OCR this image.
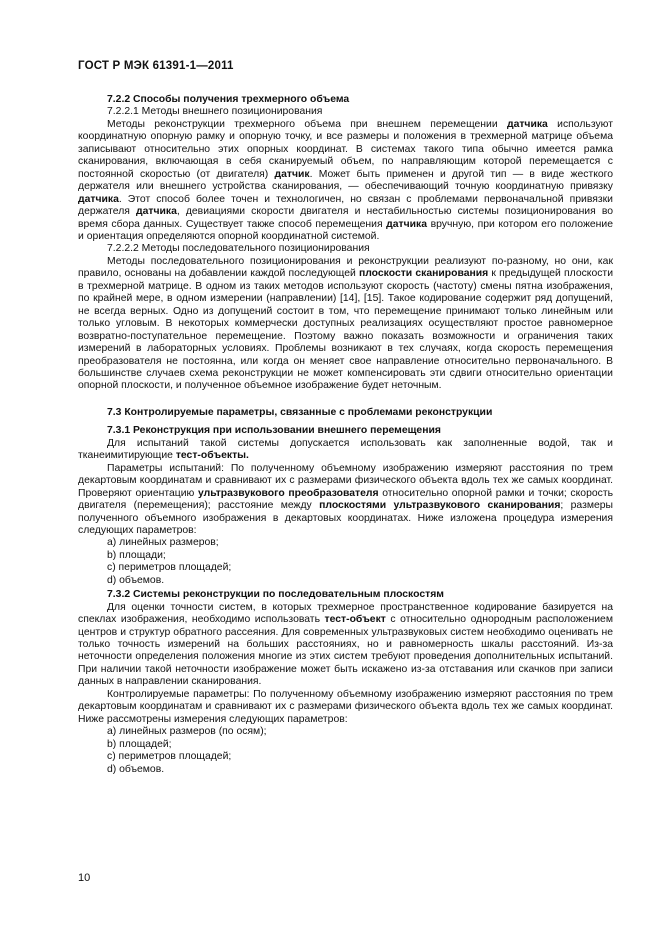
ГОСТ Р МЭК 61391-1—2011

7.2.2 Способы получения трехмерного объема

7.2.2.1 Методы внешнего позиционирования

Методы реконструкции трехмерного объема при внешнем перемещении датчика используют координатную опорную рамку и опорную точку, и все размеры и положения в трехмерной матрице объема записывают относительно этих опорных координат. В системах такого типа обычно имеется рамка сканирования, включающая в себя сканируемый объем, по направляющим которой перемещается с постоянной скоростью (от двигателя) датчик. Может быть применен и другой тип — в виде жесткого держателя или внешнего устройства сканирования, — обеспечивающий точную координатную привязку датчика. Этот способ более точен и технологичен, но связан с проблемами первоначальной привязки держателя датчика, девиациями скорости двигателя и нестабильностью системы позиционирования во время сбора данных. Существует также способ перемещения датчика вручную, при котором его положение и ориентация определяются опорной координатной системой.

7.2.2.2 Методы последовательного позиционирования

Методы последовательного позиционирования и реконструкции реализуют по-разному, но они, как правило, основаны на добавлении каждой последующей плоскости сканирования к предыдущей плоскости в трехмерной матрице. В одном из таких методов используют скорость (частоту) смены пятна изображения, по крайней мере, в одном измерении (направлении) [14], [15]. Такое кодирование содержит ряд допущений, не всегда верных. Одно из допущений состоит в том, что перемещение принимают только линейным или только угловым. В некоторых коммерчески доступных реализациях осуществляют простое равномерное возвратно-поступательное перемещение. Поэтому важно показать возможности и ограничения таких измерений в лабораторных условиях. Проблемы возникают в тех случаях, когда скорость перемещения преобразователя не постоянна, или когда он меняет свое направление относительно первоначального. В большинстве случаев схема реконструкции не может компенсировать эти сдвиги относительно ориентации опорной плоскости, и полученное объемное изображение будет неточным.

7.3 Контролируемые параметры, связанные с проблемами реконструкции

7.3.1 Реконструкция при использовании внешнего перемещения

Для испытаний такой системы допускается использовать как заполненные водой, так и тканеимитирующие тест-объекты.

Параметры испытаний: По полученному объемному изображению измеряют расстояния по трем декартовым координатам и сравнивают их с размерами физического объекта вдоль тех же самых координат. Проверяют ориентацию ультразвукового преобразователя относительно опорной рамки и точки; скорость двигателя (перемещения); расстояние между плоскостями ультразвукового сканирования; размеры полученного объемного изображения в декартовых координатах. Ниже изложена процедура измерения следующих параметров:

a) линейных размеров;

b) площади;

c) периметров площадей;

d) объемов.

7.3.2 Системы реконструкции по последовательным плоскостям

Для оценки точности систем, в которых трехмерное пространственное кодирование базируется на спеклах изображения, необходимо использовать тест-объект с относительно однородным расположением центров и структур обратного рассеяния. Для современных ультразвуковых систем необходимо оценивать не только точность измерений на больших расстояниях, но и равномерность шкалы расстояний. Из-за неточности определения положения многие из этих систем требуют проведения дополнительных испытаний. При наличии такой неточности изображение может быть искажено из-за отставания или скачков при записи данных в направлении сканирования.

Контролируемые параметры: По полученному объемному изображению измеряют расстояния по трем декартовым координатам и сравнивают их с размерами физического объекта вдоль тех же самых координат. Ниже рассмотрены измерения следующих параметров:

a) линейных размеров (по осям);

b) площадей;

c) периметров площадей;

d) объемов.

10
